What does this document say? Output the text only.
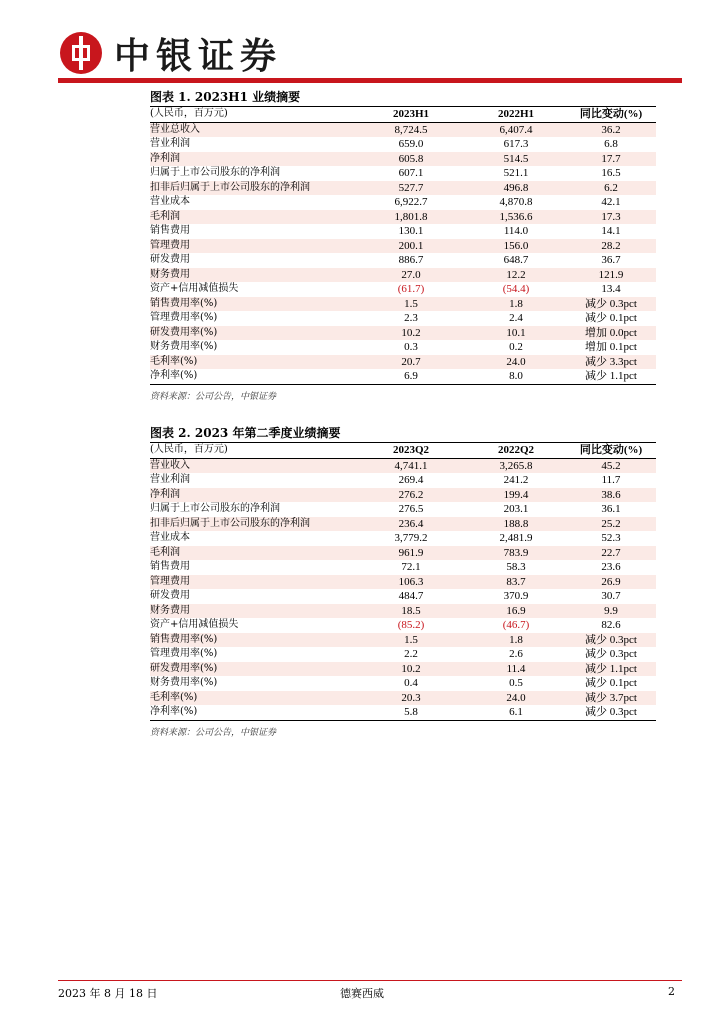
中银证券
图表 1. 2023H1 业绩摘要
(人民币，百万元)	2023H1	2022H1	同比变动(%)
营业总收入	8,724.5	6,407.4	36.2
营业利润	659.0	617.3	6.8
净利润	605.8	514.5	17.7
归属于上市公司股东的净利润	607.1	521.1	16.5
扣非后归属于上市公司股东的净利润	527.7	496.8	6.2
营业成本	6,922.7	4,870.8	42.1
毛利润	1,801.8	1,536.6	17.3
销售费用	130.1	114.0	14.1
管理费用	200.1	156.0	28.2
研发费用	886.7	648.7	36.7
财务费用	27.0	12.2	121.9
资产+信用减值损失	(61.7)	(54.4)	13.4
销售费用率(%)	1.5	1.8	减少 0.3pct
管理费用率(%)	2.3	2.4	减少 0.1pct
研发费用率(%)	10.2	10.1	增加 0.0pct
财务费用率(%)	0.3	0.2	增加 0.1pct
毛利率(%)	20.7	24.0	减少 3.3pct
净利率(%)	6.9	8.0	减少 1.1pct
资料来源：公司公告，中银证券
图表 2. 2023 年第二季度业绩摘要
(人民币，百万元)	2023Q2	2022Q2	同比变动(%)
营业收入	4,741.1	3,265.8	45.2
营业利润	269.4	241.2	11.7
净利润	276.2	199.4	38.6
归属于上市公司股东的净利润	276.5	203.1	36.1
扣非后归属于上市公司股东的净利润	236.4	188.8	25.2
营业成本	3,779.2	2,481.9	52.3
毛利润	961.9	783.9	22.7
销售费用	72.1	58.3	23.6
管理费用	106.3	83.7	26.9
研发费用	484.7	370.9	30.7
财务费用	18.5	16.9	9.9
资产+信用减值损失	(85.2)	(46.7)	82.6
销售费用率(%)	1.5	1.8	减少 0.3pct
管理费用率(%)	2.2	2.6	减少 0.3pct
研发费用率(%)	10.2	11.4	减少 1.1pct
财务费用率(%)	0.4	0.5	减少 0.1pct
毛利率(%)	20.3	24.0	减少 3.7pct
净利率(%)	5.8	6.1	减少 0.3pct
资料来源：公司公告，中银证券
2023 年 8 月 18 日	德赛西威	2
